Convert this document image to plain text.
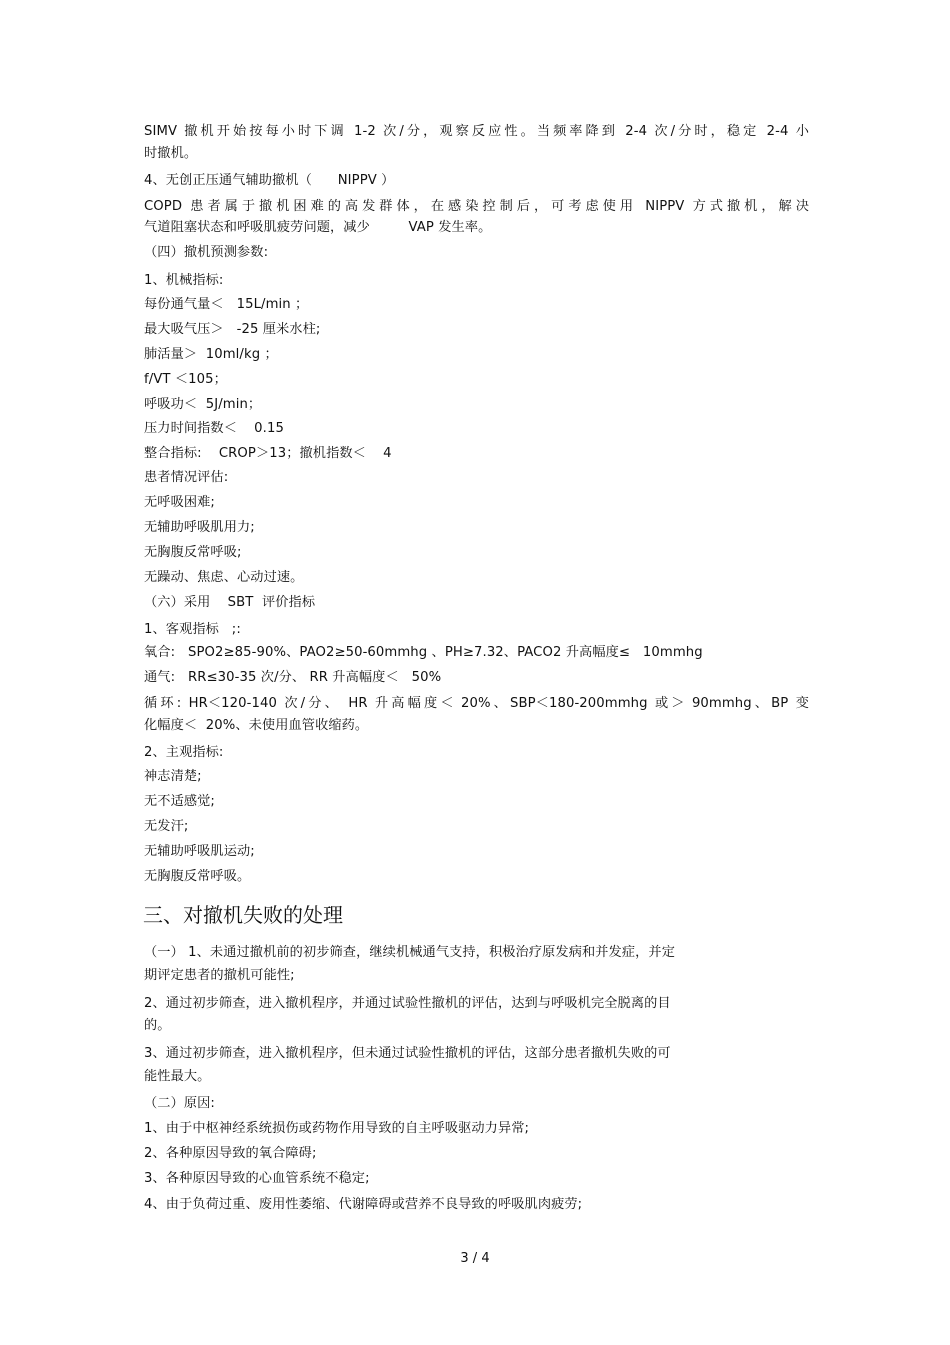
SIMV 撤机开始按每小时下调 1-2 次/分，观察反应性。当频率降到 2-4 次/分时，稳定 2-4 小
时撤机。
4、无创正压通气辅助撤机（      NIPPV ）
COPD 患者属于撤机困难的高发群体，在感染控制后，可考虑使用 NIPPV 方式撤机，解决
气道阻塞状态和呼吸肌疲劳问题，减少         VAP 发生率。
（四）撤机预测参数:
1、机械指标:
每份通气量＜   15L/min ；
最大吸气压＞   -25 厘米水柱;
肺活量＞  10ml/kg ；
f/VT ＜105；
呼吸功＜  5J/min；
压力时间指数＜    0.15
整合指标:    CROP＞13；撤机指数＜    4
患者情况评估:
无呼吸困难;
无辅助呼吸肌用力;
无胸腹反常呼吸;
无躁动、焦虑、心动过速。
（六）采用    SBT  评价指标
1、客观指标   ;:
氧合:   SPO2≥85-90%、PAO2≥50-60mmhg 、PH≥7.32、PACO2 升高幅度≤   10mmhg
通气:   RR≤30-35 次/分、 RR 升高幅度＜   50%
循环: HR＜120-140 次/分、 HR 升高幅度＜ 20%、SBP＜180-200mmhg 或＞ 90mmhg、BP 变
化幅度＜  20%、未使用血管收缩药。
2、主观指标:
神志清楚;
无不适感觉;
无发汗;
无辅助呼吸肌运动;
无胸腹反常呼吸。
三、对撤机失败的处理
（一） 1、未通过撤机前的初步筛查，继续机械通气支持，积极治疗原发病和并发症，并定
期评定患者的撤机可能性;
2、通过初步筛查，进入撤机程序，并通过试验性撤机的评估，达到与呼吸机完全脱离的目
的。
3、通过初步筛查，进入撤机程序，但未通过试验性撤机的评估，这部分患者撤机失败的可
能性最大。
（二）原因:
1、由于中枢神经系统损伤或药物作用导致的自主呼吸驱动力异常;
2、各种原因导致的氧合障碍;
3、各种原因导致的心血管系统不稳定;
4、由于负荷过重、废用性萎缩、代谢障碍或营养不良导致的呼吸肌肉疲劳;
3 / 4
